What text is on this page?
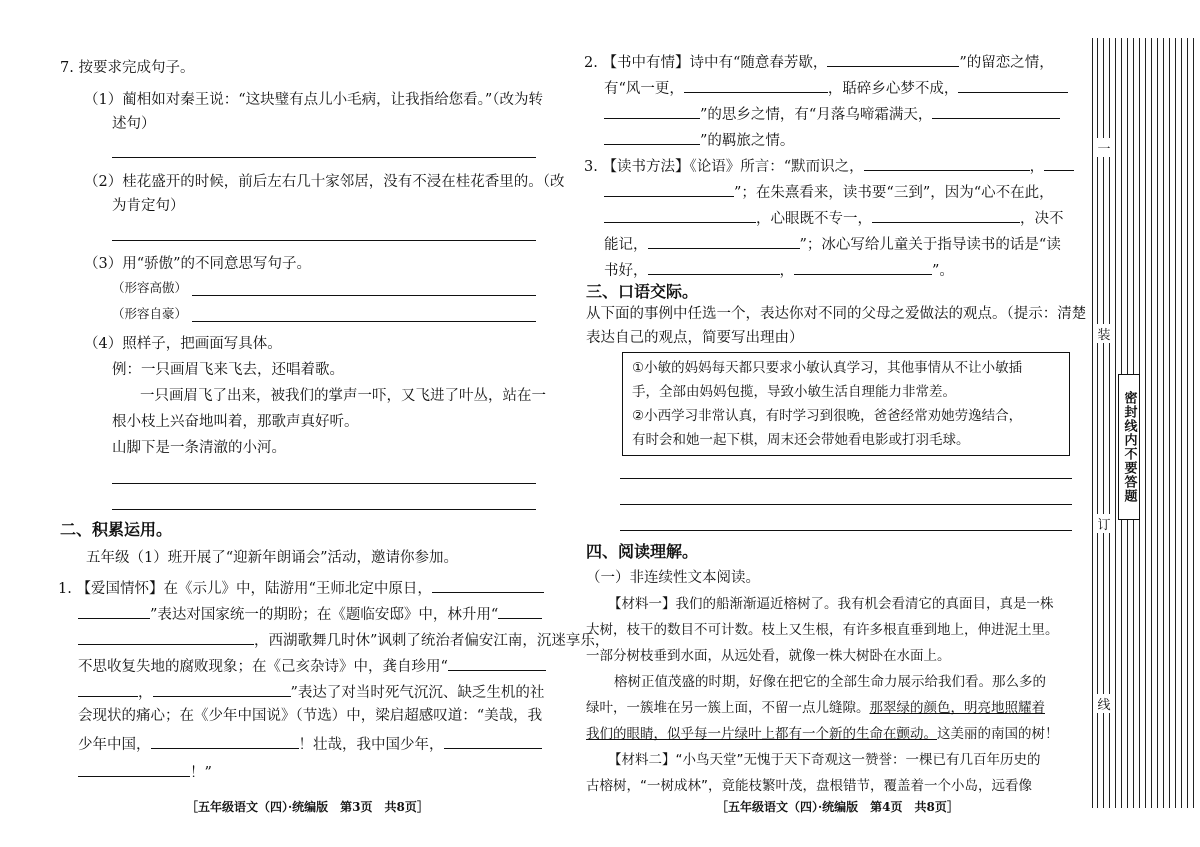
7. 按要求完成句子。
（1）蔺相如对秦王说：“这块璧有点儿小毛病，让我指给您看。”（改为转
述句）
（2）桂花盛开的时候，前后左右几十家邻居，没有不浸在桂花香里的。（改
为肯定句）
（3）用“骄傲”的不同意思写句子。
（形容高傲）
（形容自豪）
（4）照样子，把画面写具体。
例：一只画眉飞来飞去，还唱着歌。
一只画眉飞了出来，被我们的掌声一吓，又飞进了叶丛，站在一
根小枝上兴奋地叫着，那歌声真好听。
山脚下是一条清澈的小河。
二、积累运用。
五年级（1）班开展了“迎新年朗诵会”活动，邀请你参加。
1. 【爱国情怀】在《示儿》中，陆游用“王师北定中原日，
”表达对国家统一的期盼；在《题临安邸》中，林升用“
，西湖歌舞几时休”讽刺了统治者偏安江南，沉迷享乐，
不思收复失地的腐败现象；在《己亥杂诗》中，龚自珍用“
，	”表达了对当时死气沉沉、缺乏生机的社
会现状的痛心；在《少年中国说》（节选）中，梁启超感叹道：“美哉，我
少年中国，	！壮哉，我中国少年，
！”
［五年级语文（四）·统编版　第3页　共8页］
2. 【书中有情】诗中有“随意春芳歇，	”的留恋之情，
有“风一更，	，聒碎乡心梦不成，
”的思乡之情，有“月落乌啼霜满天，
”的羁旅之情。
3. 【读书方法】《论语》所言：“默而识之，	，
”；在朱熹看来，读书要“三到”，因为“心不在此，
，心眼既不专一，	，决不
能记，	”；冰心写给儿童关于指导读书的话是“读
书好，	，	”。
三、口语交际。
从下面的事例中任选一个，表达你对不同的父母之爱做法的观点。（提示：清楚
表达自己的观点，简要写出理由）
①小敏的妈妈每天都只要求小敏认真学习，其他事情从不让小敏插
手，全部由妈妈包揽，导致小敏生活自理能力非常差。
②小西学习非常认真，有时学习到很晚，爸爸经常劝她劳逸结合，
有时会和她一起下棋，周末还会带她看电影或打羽毛球。
四、阅读理解。
（一）非连续性文本阅读。
【材料一】我们的船渐渐逼近榕树了。我有机会看清它的真面目，真是一株
大树，枝干的数目不可计数。枝上又生根，有许多根直垂到地上，伸进泥土里。
一部分树枝垂到水面，从远处看，就像一株大树卧在水面上。
榕树正值茂盛的时期，好像在把它的全部生命力展示给我们看。那么多的
绿叶，一簇堆在另一簇上面，不留一点儿缝隙。那翠绿的颜色，明亮地照耀着
我们的眼睛，似乎每一片绿叶上都有一个新的生命在颤动。这美丽的南国的树！
【材料二】“小鸟天堂”无愧于天下奇观这一赞誉：一棵已有几百年历史的
古榕树，“一树成林”，竟能枝繁叶茂，盘根错节，覆盖着一个小岛，远看像
［五年级语文（四）·统编版　第4页　共8页］
一
装
订
线
密封线内不要答题
